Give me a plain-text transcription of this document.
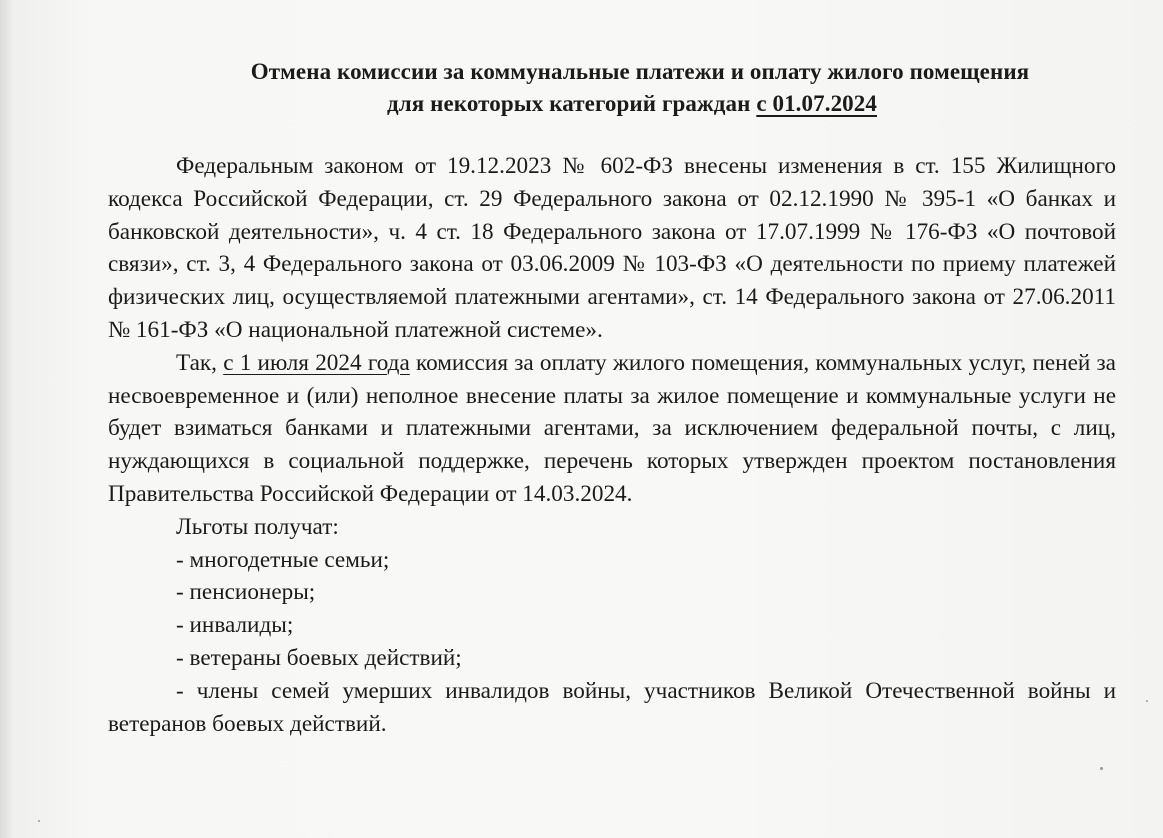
Отмена комиссии за коммунальные платежи и оплату жилого помещения
для некоторых категорий граждан с 01.07.2024

Федеральным законом от 19.12.2023 № 602-ФЗ внесены изменения в ст. 155 Жилищного кодекса Российской Федерации, ст. 29 Федерального закона от 02.12.1990 № 395-1 «О банках и банковской деятельности», ч. 4 ст. 18 Федерального закона от 17.07.1999 № 176-ФЗ «О почтовой связи», ст. 3, 4 Федерального закона от 03.06.2009 № 103-ФЗ «О деятельности по приему платежей физических лиц, осуществляемой платежными агентами», ст. 14 Федерального закона от 27.06.2011 № 161-ФЗ «О национальной платежной системе».

Так, с 1 июля 2024 года комиссия за оплату жилого помещения, коммунальных услуг, пеней за несвоевременное и (или) неполное внесение платы за жилое помещение и коммунальные услуги не будет взиматься банками и платежными агентами, за исключением федеральной почты, с лиц, нуждающихся в социальной поддержке, перечень которых утвержден проектом постановления Правительства Российской Федерации от 14.03.2024.

Льготы получат:

- многодетные семьи;

- пенсионеры;

- инвалиды;

- ветераны боевых действий;

- члены семей умерших инвалидов войны, участников Великой Отечественной войны и ветеранов боевых действий.
